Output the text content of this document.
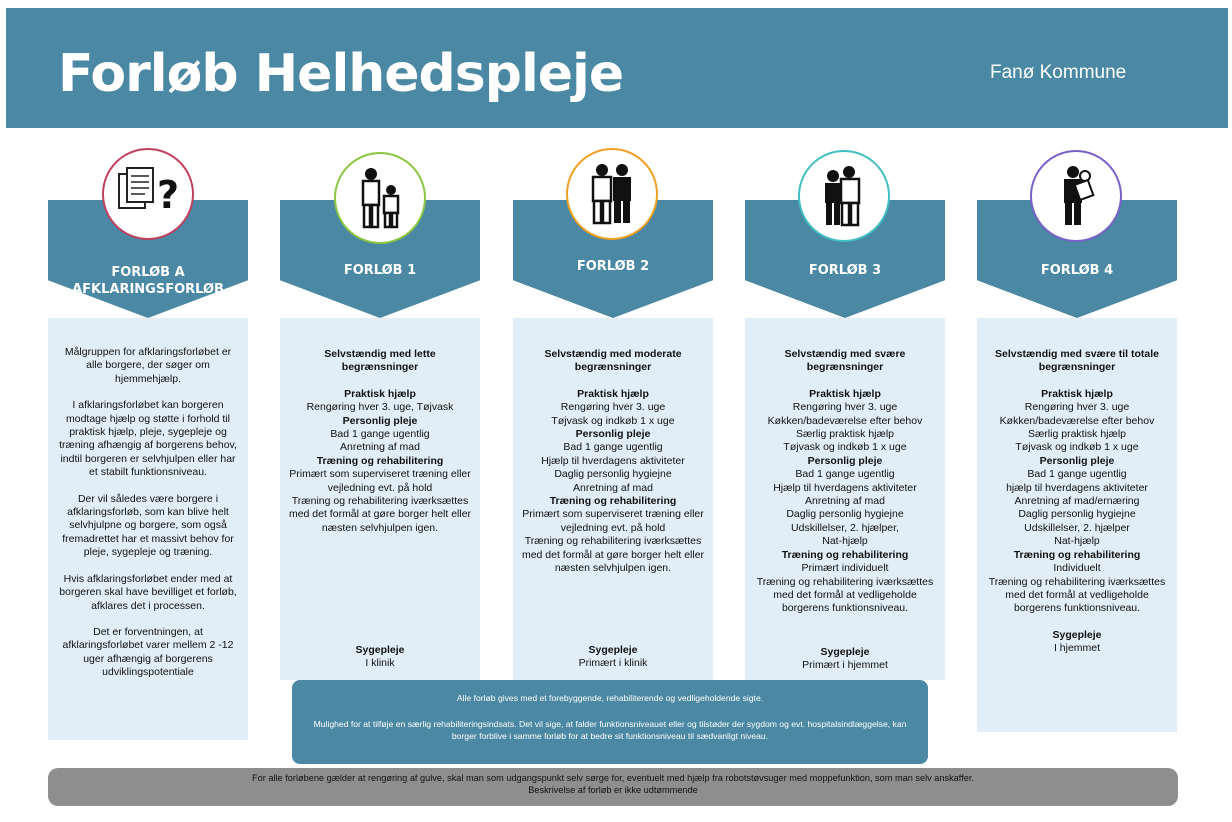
Forløb Helhedspleje	Fanø Kommune
FORLØB A
AFKLARINGSFORLØB

Målgruppen for afklaringsforløbet er alle borgere, der søger om hjemmehjælp.

I afklaringsforløbet kan borgeren modtage hjælp og støtte i forhold til praktisk hjælp, pleje, sygepleje og træning afhængig af borgerens behov, indtil borgeren er selvhjulpen eller har et stabilt funktionsniveau.

Der vil således være borgere i afklaringsforløb, som kan blive helt selvhjulpne og borgere, som også fremadrettet har et massivt behov for pleje, sygepleje og træning.

Hvis afklaringsforløbet ender med at borgeren skal have bevilliget et forløb, afklares det i processen.

Det er forventningen, at afklaringsforløbet varer mellem 2 -12 uger afhængig af borgerens udviklingspotentiale

FORLØB 1

Selvstændig med lette begrænsninger

Praktisk hjælp

Rengøring hver 3. uge, Tøjvask

Personlig pleje

Bad 1 gange ugentlig

Anretning af mad

Træning og rehabilitering

Primært som superviseret træning eller vejledning evt. på hold

Træning og rehabilitering iværksættes med det formål at gøre borger helt eller næsten selvhjulpen igen.

Sygepleje

I klinik

FORLØB 2

Selvstændig med moderate begrænsninger

Praktisk hjælp

Rengøring hver 3. uge

Tøjvask og indkøb 1 x uge

Personlig pleje

Bad 1 gange ugentlig

Hjælp til hverdagens aktiviteter

Daglig personlig hygiejne

Anretning af mad

Træning og rehabilitering

Primært som superviseret træning eller vejledning evt. på hold

Træning og rehabilitering iværksættes med det formål at gøre borger helt eller næsten selvhjulpen igen.

Sygepleje

Primært i klinik

FORLØB 3

Selvstændig med svære begrænsninger

Praktisk hjælp

Rengøring hver 3. uge

Køkken/badeværelse efter behov

Særlig praktisk hjælp

Tøjvask og indkøb 1 x uge

Personlig pleje

Bad 1 gange ugentlig

Hjælp til hverdagens aktiviteter

Anretning af mad

Daglig personlig hygiejne

Udskillelser, 2. hjælper,

Nat-hjælp

Træning og rehabilitering

Primært individuelt

Træning og rehabilitering iværksættes med det formål at vedligeholde borgerens funktionsniveau.

Sygepleje

Primært i hjemmet

FORLØB 4

Selvstændig med svære til totale begrænsninger

Praktisk hjælp

Rengøring hver 3. uge

Køkken/badeværelse efter behov

Særlig praktisk hjælp

Tøjvask og indkøb 1 x uge

Personlig pleje

Bad 1 gange ugentlig

hjælp til hverdagens aktiviteter

Anretning af mad/ernæring

Daglig personlig hygiejne

Udskillelser, 2. hjælper

Nat-hjælp

Træning og rehabilitering

Individuelt

Træning og rehabilitering iværksættes med det formål at vedligeholde borgerens funktionsniveau.

Sygepleje

I hjemmet

?
Alle forløb gives med et forebyggende, rehabiliterende og vedligeholdende sigte.
Mulighed for at tilføje en særlig rehabiliteringsindsats. Det vil sige, at falder funktionsniveauet eller og tilstøder der sygdom og evt. hospitalsindlæggelse, kan borger forblive i samme forløb for at bedre sit funktionsniveau til sædvanligt niveau.
For alle forløbene gælder at rengøring af gulve, skal man som udgangspunkt selv sørge for, eventuelt med hjælp fra robotstøvsuger med moppefunktion, som man selv anskaffer.
Beskrivelse af forløb er ikke udtømmende
